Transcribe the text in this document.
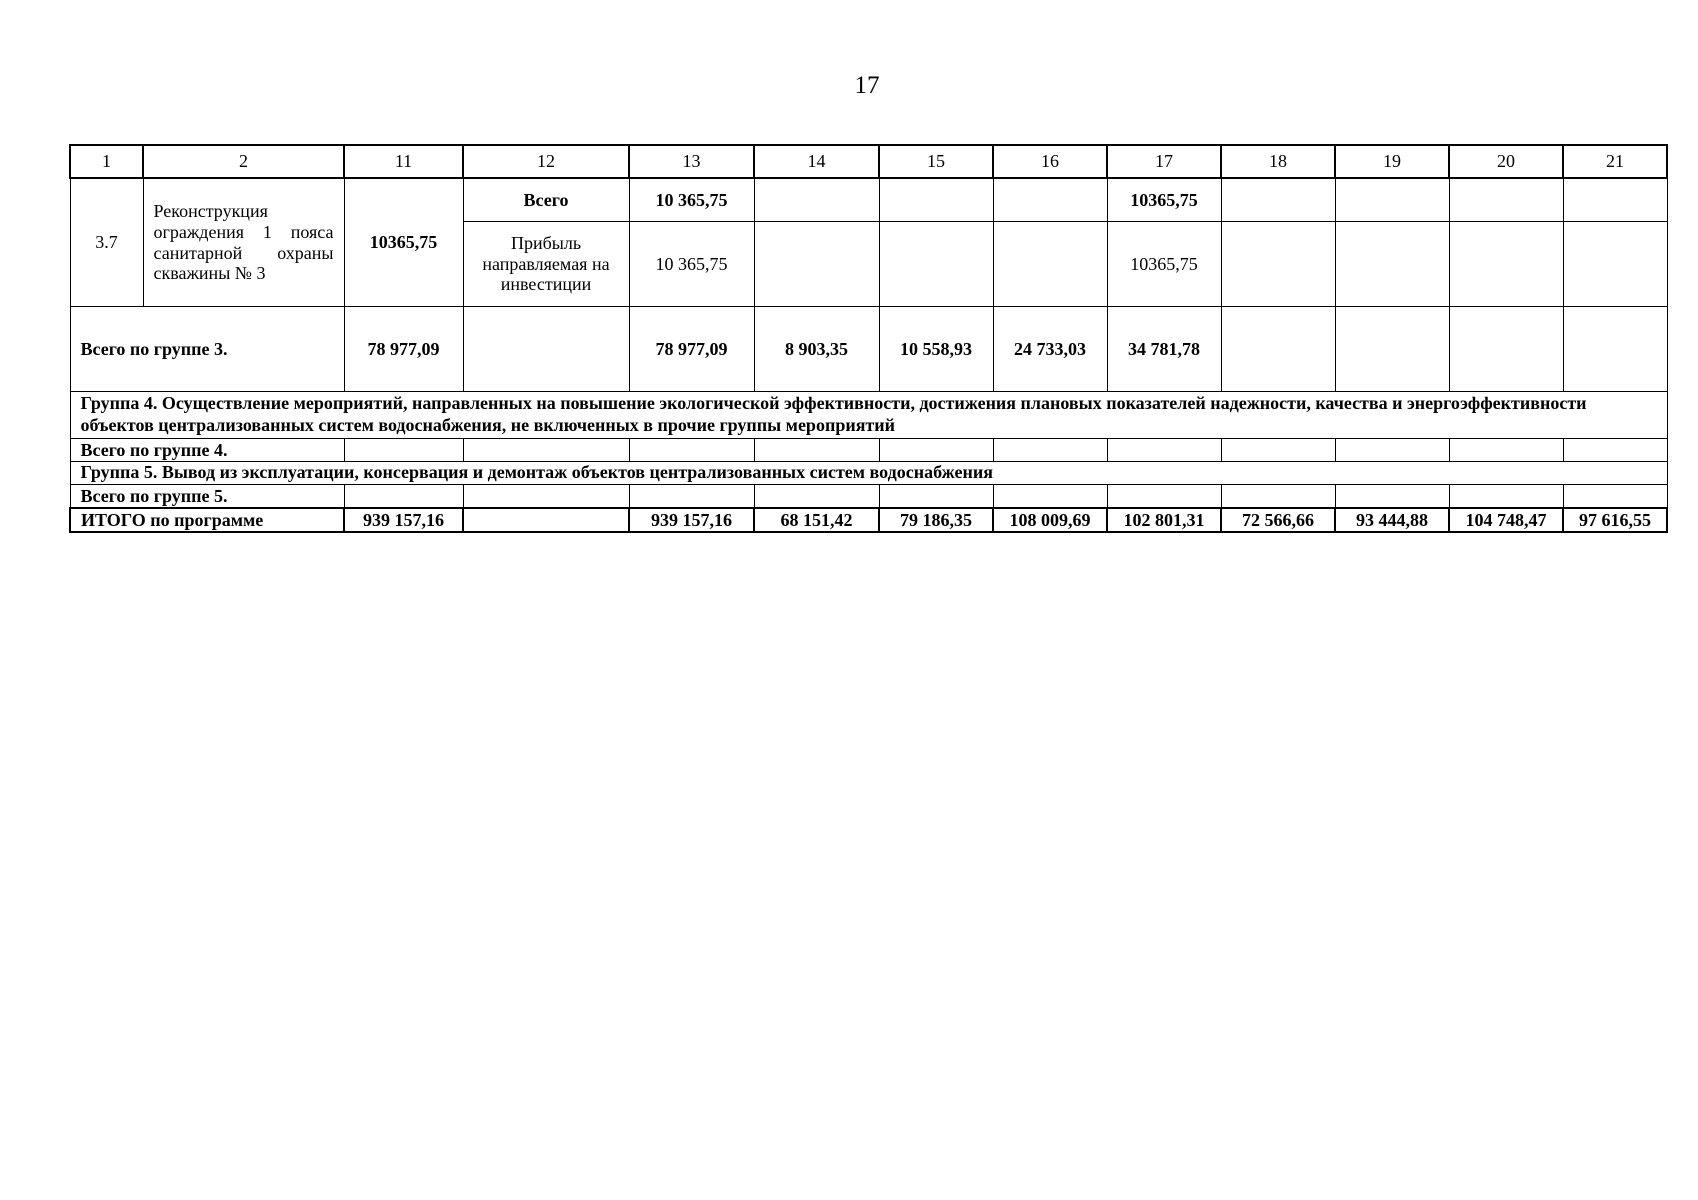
17
1	2	11	12	13	14	15	16	17	18	19	20	21
3.7	Реконструкция ограждения 1 пояса санитарной охраны скважины № 3	10365,75	Всего	10 365,75				10365,75				
			Прибыль направляемая на инвестиции	10 365,75				10365,75				
Всего по группе 3.		78 977,09		78 977,09	8 903,35	10 558,93	24 733,03	34 781,78				
Группа 4. Осуществление мероприятий, направленных на повышение экологической эффективности, достижения плановых показателей надежности, качества и энергоэффективности объектов централизованных систем водоснабжения, не включенных в прочие группы мероприятий												
Всего по группе 4.												
Группа 5. Вывод из эксплуатации, консервация и демонтаж объектов централизованных систем водоснабжения												
Всего по группе 5.												
ИТОГО по программе		939 157,16		939 157,16	68 151,42	79 186,35	108 009,69	102 801,31	72 566,66	93 444,88	104 748,47	97 616,55
